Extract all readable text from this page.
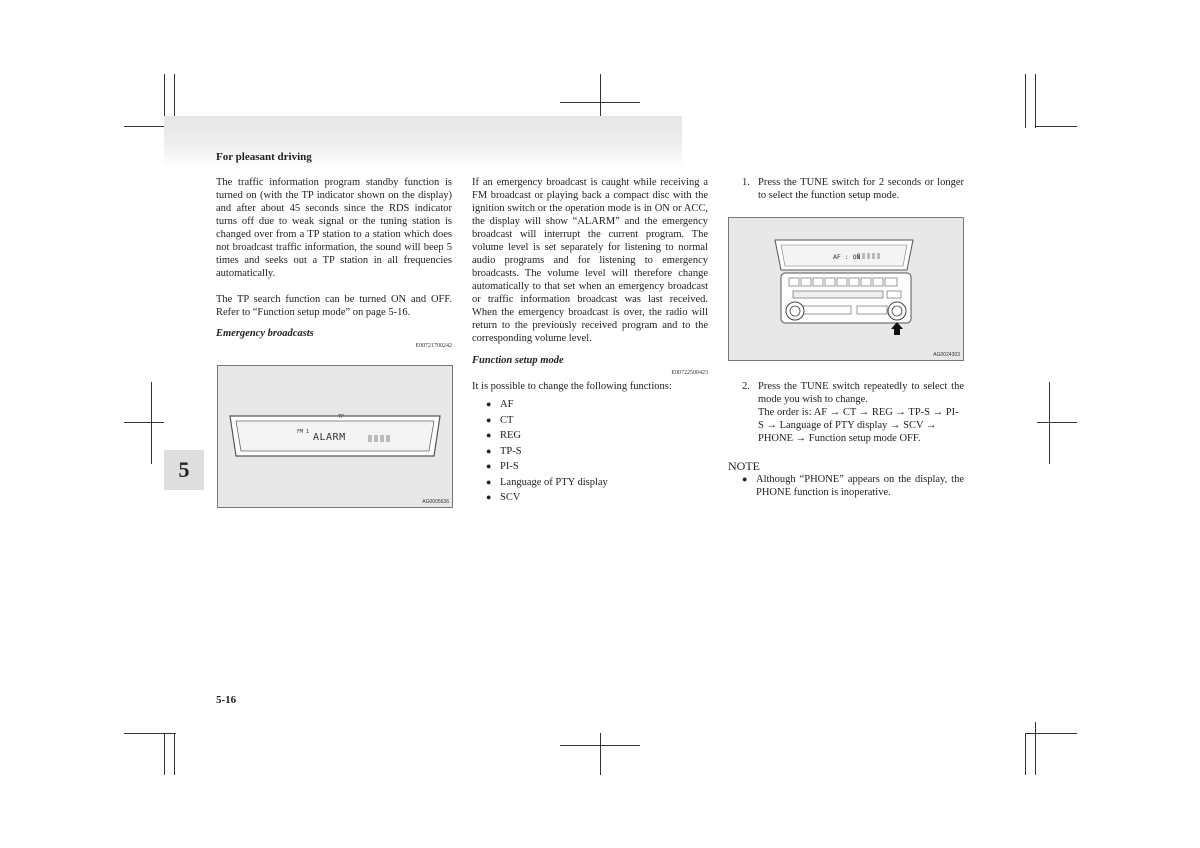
For pleasant driving
5

The traffic information program standby function is turned on (with the TP indicator shown on the display) and after about 45 seconds since the RDS indicator turns off due to weak signal or the tuning station is changed over from a TP station to a station which does not broadcast traffic information, the sound will beep 5 times and seeks out a TP station in all frequencies automatically.

The TP search function can be turned ON and OFF. Refer to “Function setup mode” on page 5-16.

Emergency broadcasts
E00721700242
TP
FM 1 ALARM
AG0005636

If an emergency broadcast is caught while receiving a FM broadcast or playing back a compact disc with the ignition switch or the operation mode is in ON or ACC, the display will show “ALARM” and the emergency broadcast will interrupt the current program. The volume level is set separately for listening to normal audio programs and for listening to emergency broadcasts. The volume level will therefore change automatically to that set when an emergency broadcast or traffic information broadcast was last received. When the emergency broadcast is over, the radio will return to the previously received program and to the corresponding volume level.

Function setup mode
E00722500423

It is possible to change the following functions:

● AF
● CT
● REG
● TP-S
● PI-S
● Language of PTY display
● SCV
1. Press the TUNE switch for 2 seconds or longer to select the function setup mode.
AF : ON
AG0024303
2. Press the TUNE switch repeatedly to select the mode you wish to change.
The order is: AF → CT → REG → TP-S → PI-S → Language of PTY display → SCV → PHONE → Function setup mode OFF.
NOTE
● Although “PHONE” appears on the display, the PHONE function is inoperative.
5-16
